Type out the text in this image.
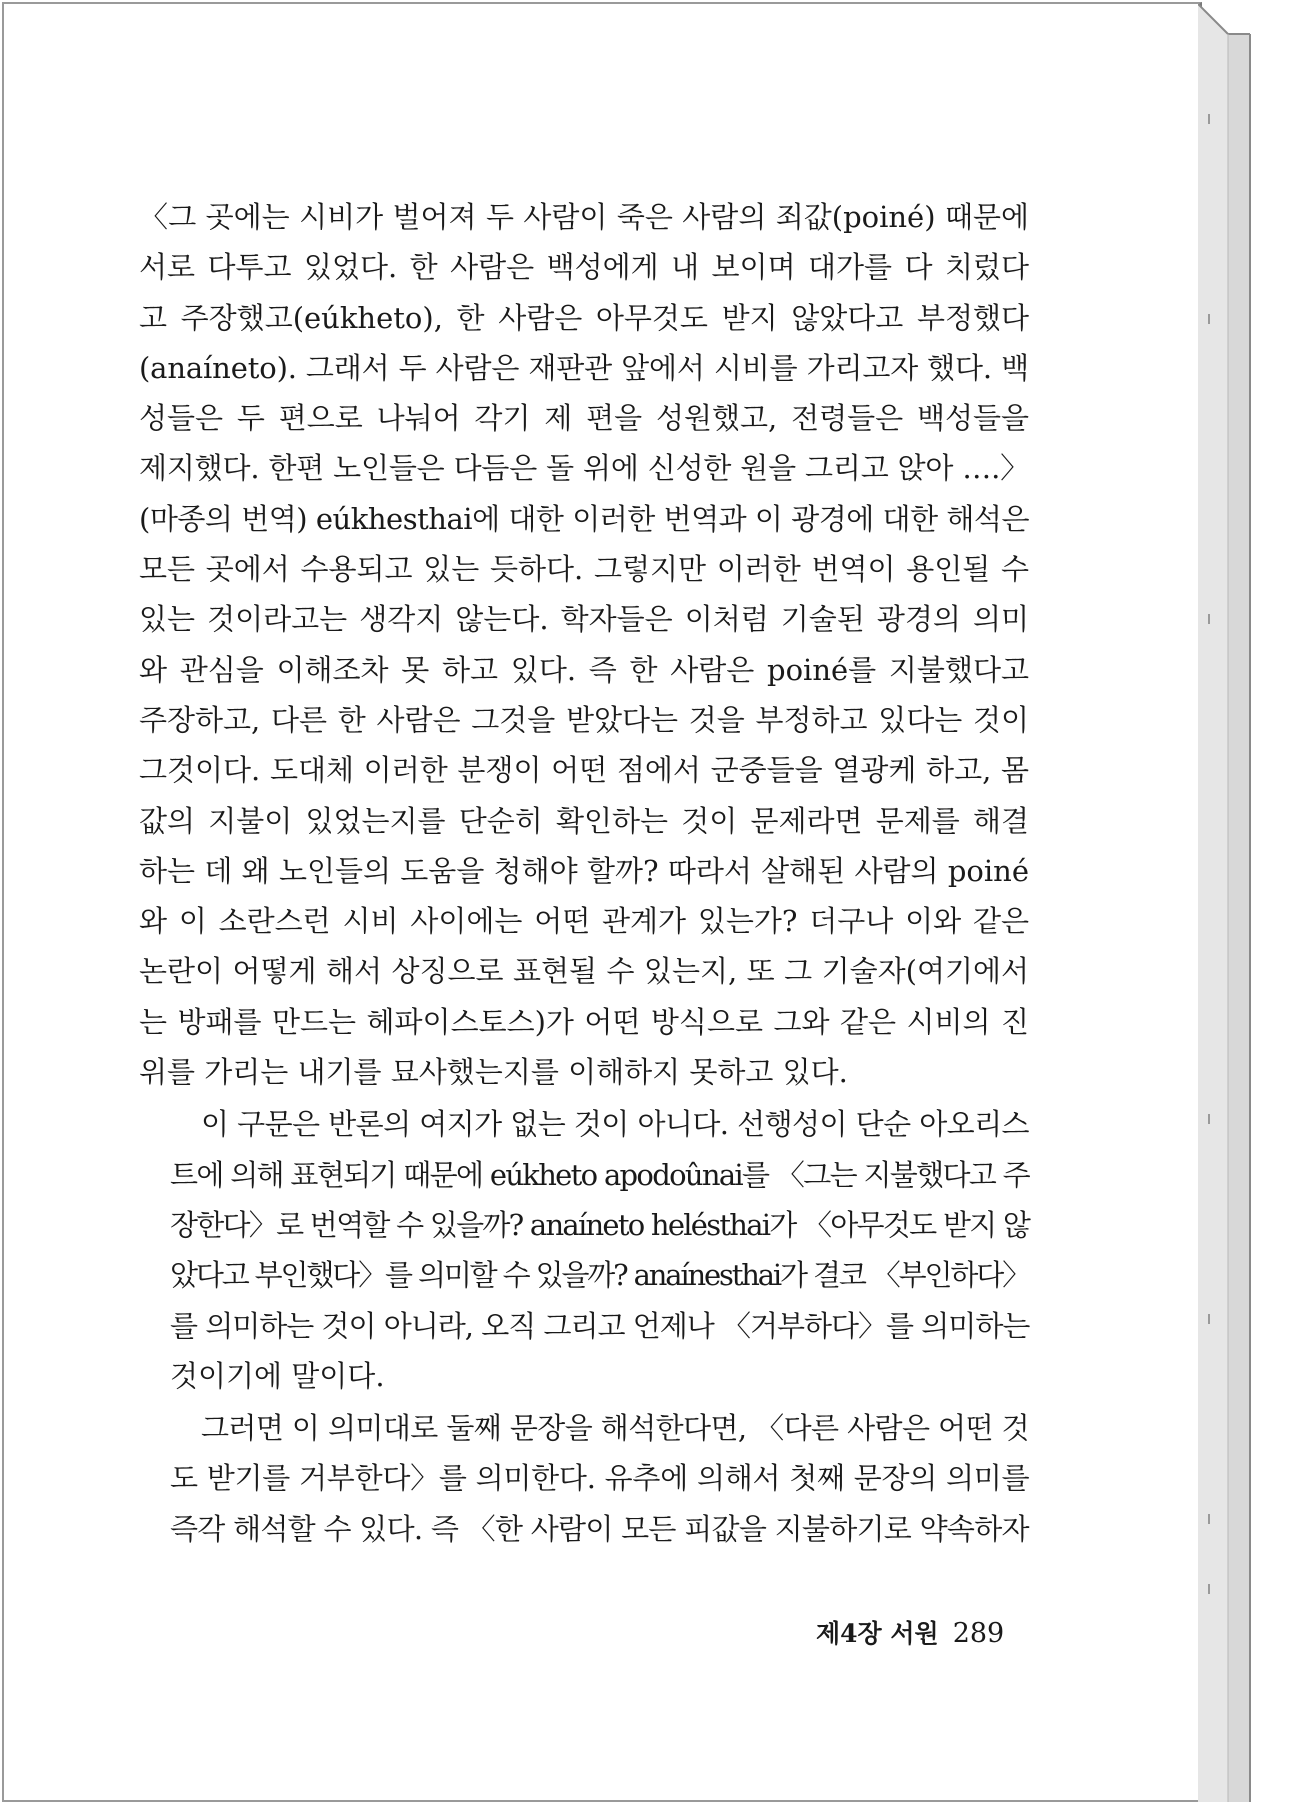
〈그 곳에는 시비가 벌어져 두 사람이 죽은 사람의 죄값(poiné) 때문에
서로 다투고 있었다. 한 사람은 백성에게 내 보이며 대가를 다 치렀다
고 주장했고(eúkheto), 한 사람은 아무것도 받지 않았다고 부정했다
(anaíneto). 그래서 두 사람은 재판관 앞에서 시비를 가리고자 했다. 백
성들은 두 편으로 나눠어 각기 제 편을 성원했고, 전령들은 백성들을
제지했다. 한편 노인들은 다듬은 돌 위에 신성한 원을 그리고 앉아 ….〉
(마종의 번역) eúkhesthai에 대한 이러한 번역과 이 광경에 대한 해석은
모든 곳에서 수용되고 있는 듯하다. 그렇지만 이러한 번역이 용인될 수
있는 것이라고는 생각지 않는다. 학자들은 이처럼 기술된 광경의 의미
와 관심을 이해조차 못 하고 있다. 즉 한 사람은 poiné를 지불했다고
주장하고, 다른 한 사람은 그것을 받았다는 것을 부정하고 있다는 것이
그것이다. 도대체 이러한 분쟁이 어떤 점에서 군중들을 열광케 하고, 몸
값의 지불이 있었는지를 단순히 확인하는 것이 문제라면 문제를 해결
하는 데 왜 노인들의 도움을 청해야 할까? 따라서 살해된 사람의 poiné
와 이 소란스런 시비 사이에는 어떤 관계가 있는가? 더구나 이와 같은
논란이 어떻게 해서 상징으로 표현될 수 있는지, 또 그 기술자(여기에서
는 방패를 만드는 헤파이스토스)가 어떤 방식으로 그와 같은 시비의 진
위를 가리는 내기를 묘사했는지를 이해하지 못하고 있다.

이 구문은 반론의 여지가 없는 것이 아니다. 선행성이 단순 아오리스
트에 의해 표현되기 때문에 eúkheto apodoûnai를 〈그는 지불했다고 주
장한다〉로 번역할 수 있을까? anaíneto helésthai가 〈아무것도 받지 않
았다고 부인했다〉를 의미할 수 있을까? anaínesthai가 결코 〈부인하다〉
를 의미하는 것이 아니라, 오직 그리고 언제나 〈거부하다〉를 의미하는
것이기에 말이다.

그러면 이 의미대로 둘째 문장을 해석한다면, 〈다른 사람은 어떤 것
도 받기를 거부한다〉를 의미한다. 유추에 의해서 첫째 문장의 의미를
즉각 해석할 수 있다. 즉 〈한 사람이 모든 피값을 지불하기로 약속하자

제4장 서원 289
